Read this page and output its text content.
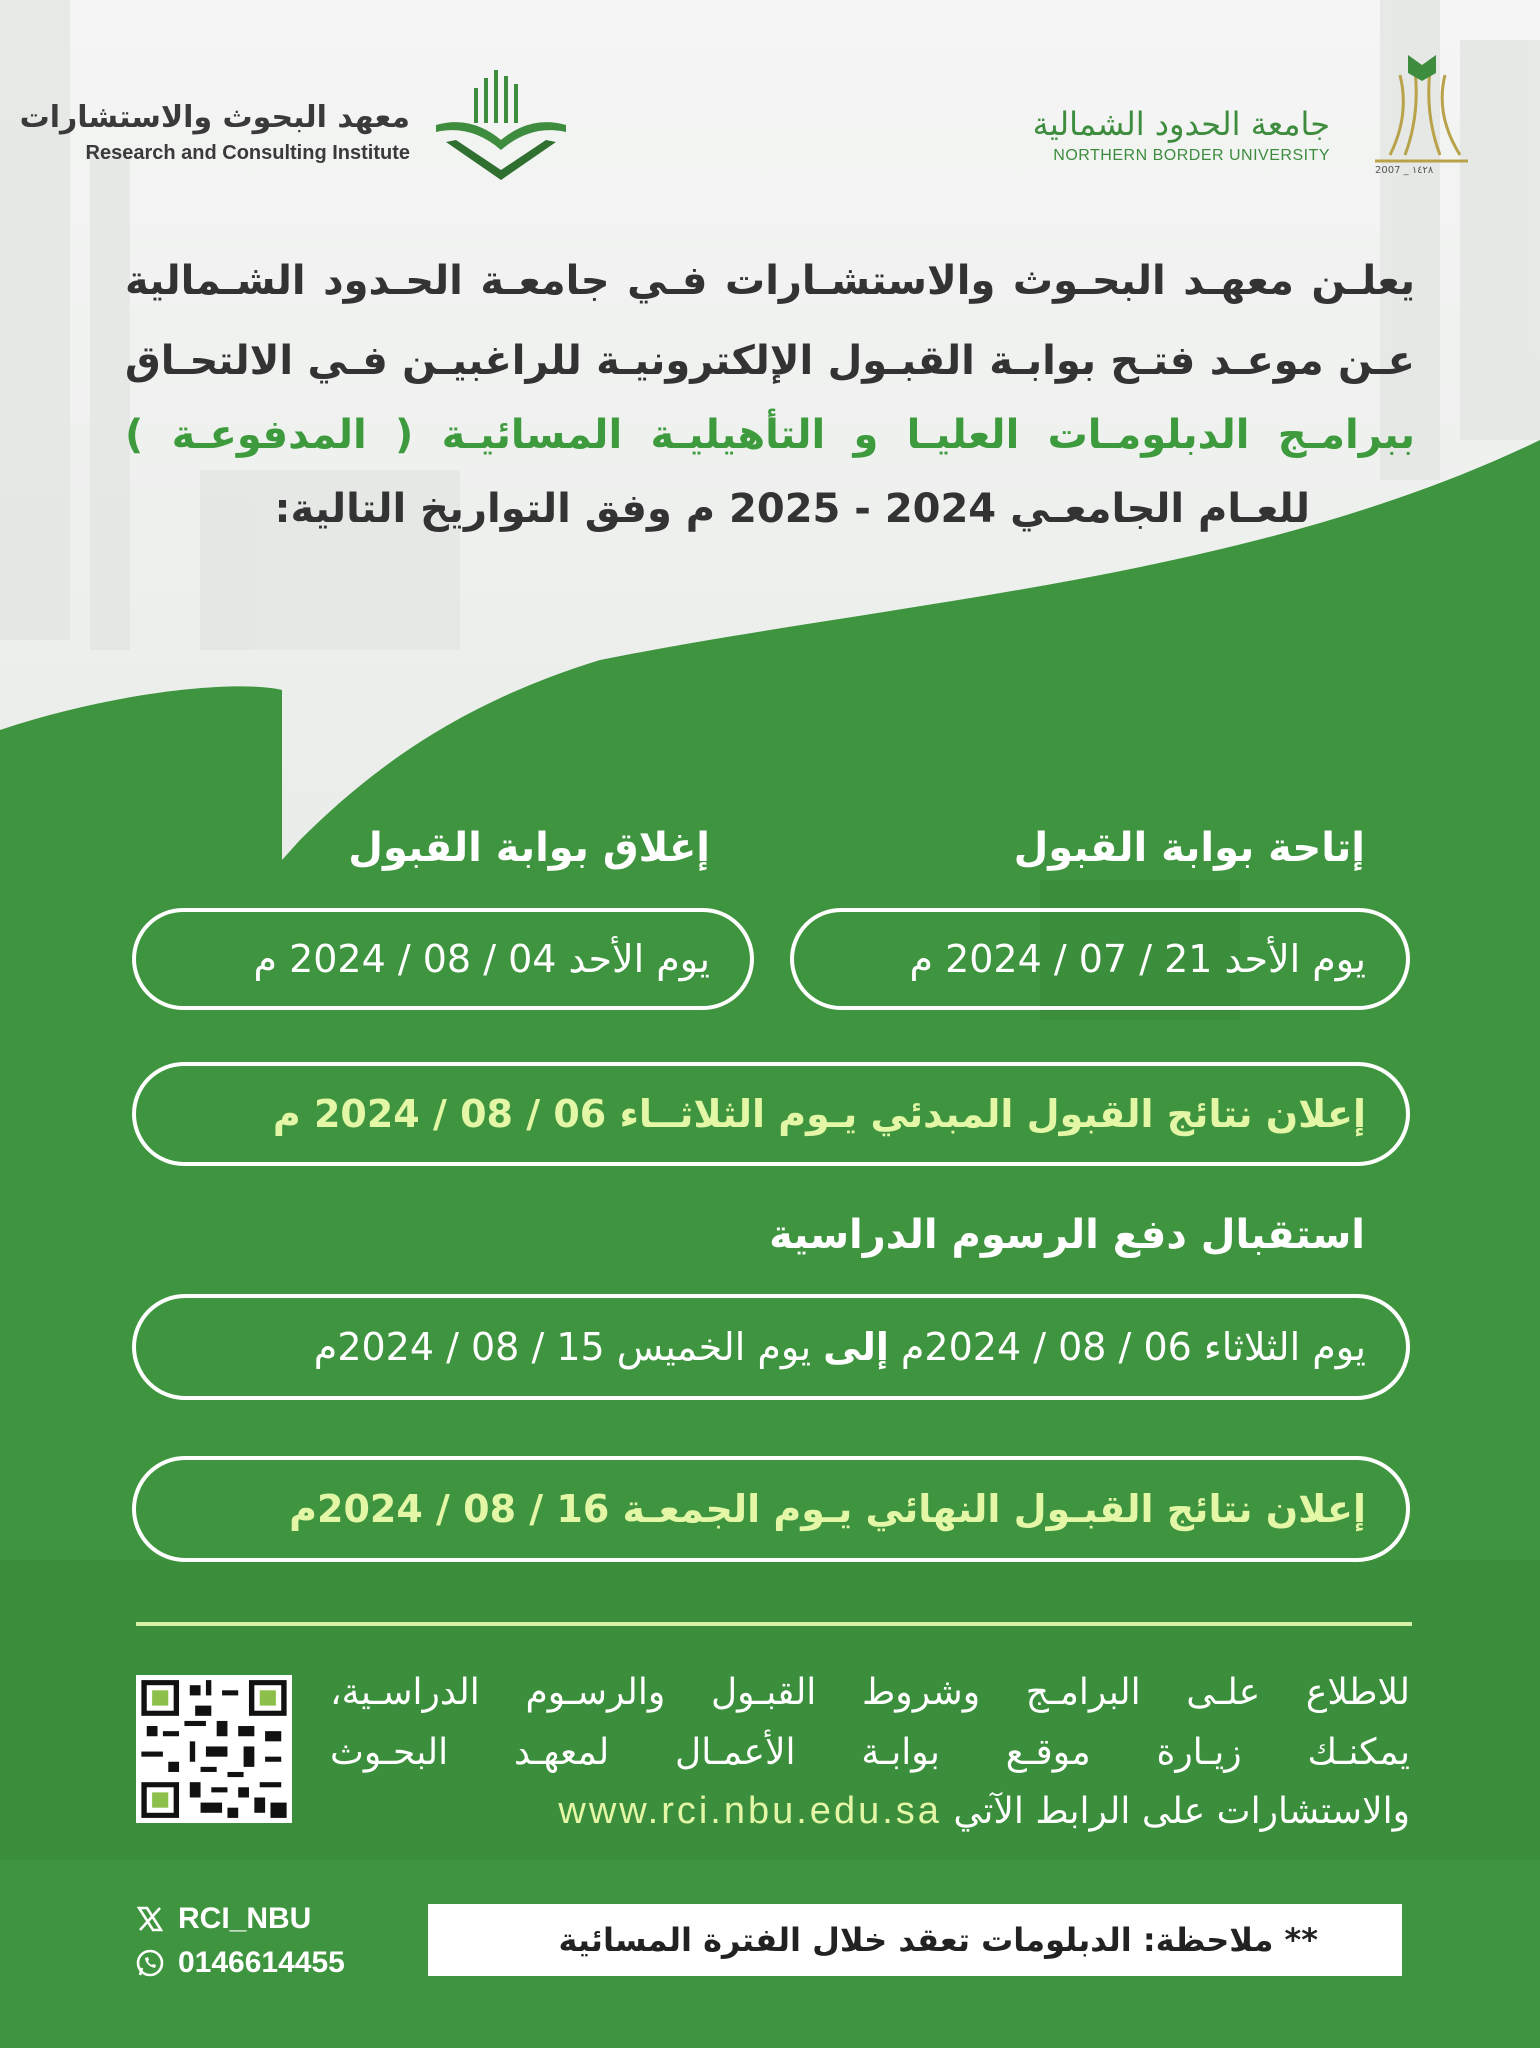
معهد البحوث والاستشارات
Research and Consulting Institute
جامعة الحدود الشمالية
NORTHERN BORDER UNIVERSITY
2007 _ ١٤٢٨
يعلـن معهـد البحـوث والاستشـارات فـي جامعـة الحـدود الشـمالية
عـن موعـد فتـح بوابـة القبـول الإلكترونيـة للراغبيـن فـي الالتحـاق
ببرامـج الدبلومـات العليـا و التأهيليـة المسائيـة ( المدفوعـة )
للعـام الجامعـي 2024 - 2025 م وفق التواريخ التالية:
إتاحة بوابة القبول
إغلاق بوابة القبول
يوم الأحد 21 / 07 / 2024 م
يوم الأحد 04 / 08 / 2024 م
إعلان نتائج القبول المبدئي يـوم الثلاثــاء 06 / 08 / 2024 م
استقبال دفع الرسوم الدراسية
يوم الثلاثاء 06 / 08 / 2024م
إلى
يوم الخميس 15 / 08 / 2024م
إعلان نتائج القبـول النهائي يـوم الجمعـة 16 / 08 / 2024م
للاطلاع علـى البرامـج وشروط القبـول والرسـوم الدراسـية،
يمكنـك زيـارة موقـع بوابـة الأعمـال لمعهـد البحـوث
والاستشارات على الرابط الآتي www.rci.nbu.edu.sa
RCI_NBU
0146614455
** ملاحظة: الدبلومات تعقد خلال الفترة المسائية
